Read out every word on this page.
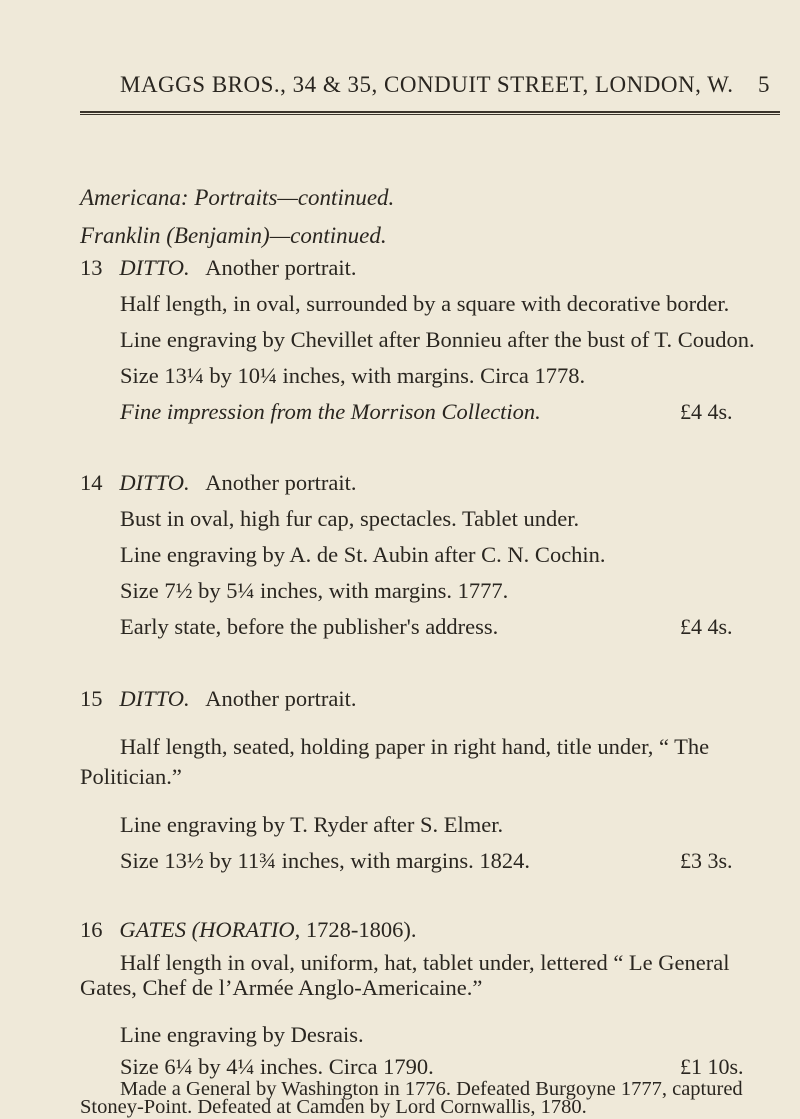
MAGGS BROS., 34 & 35, CONDUIT STREET, LONDON, W. 5
Americana: Portraits—continued.
Franklin (Benjamin)—continued.
13 DITTO. Another portrait.
Half length, in oval, surrounded by a square with decorative border.
Line engraving by Chevillet after Bonnieu after the bust of T. Coudon.
Size 13¼ by 10¼ inches, with margins. Circa 1778.
Fine impression from the Morrison Collection.	£4 4s.
14 DITTO. Another portrait.
Bust in oval, high fur cap, spectacles. Tablet under.
Line engraving by A. de St. Aubin after C. N. Cochin.
Size 7½ by 5¼ inches, with margins. 1777.
Early state, before the publisher's address.	£4 4s.
15 DITTO. Another portrait.
Half length, seated, holding paper in right hand, title under, “ The
Politician.”
Line engraving by T. Ryder after S. Elmer.
Size 13½ by 11¾ inches, with margins. 1824.	£3 3s.
16 GATES (HORATIO, 1728-1806).
Half length in oval, uniform, hat, tablet under, lettered “ Le General
Gates, Chef de l’Armée Anglo-Americaine.”
Line engraving by Desrais.
Size 6¼ by 4¼ inches. Circa 1790.	£1 10s.
Made a General by Washington in 1776. Defeated Burgoyne 1777, captured
Stoney-Point. Defeated at Camden by Lord Cornwallis, 1780.
